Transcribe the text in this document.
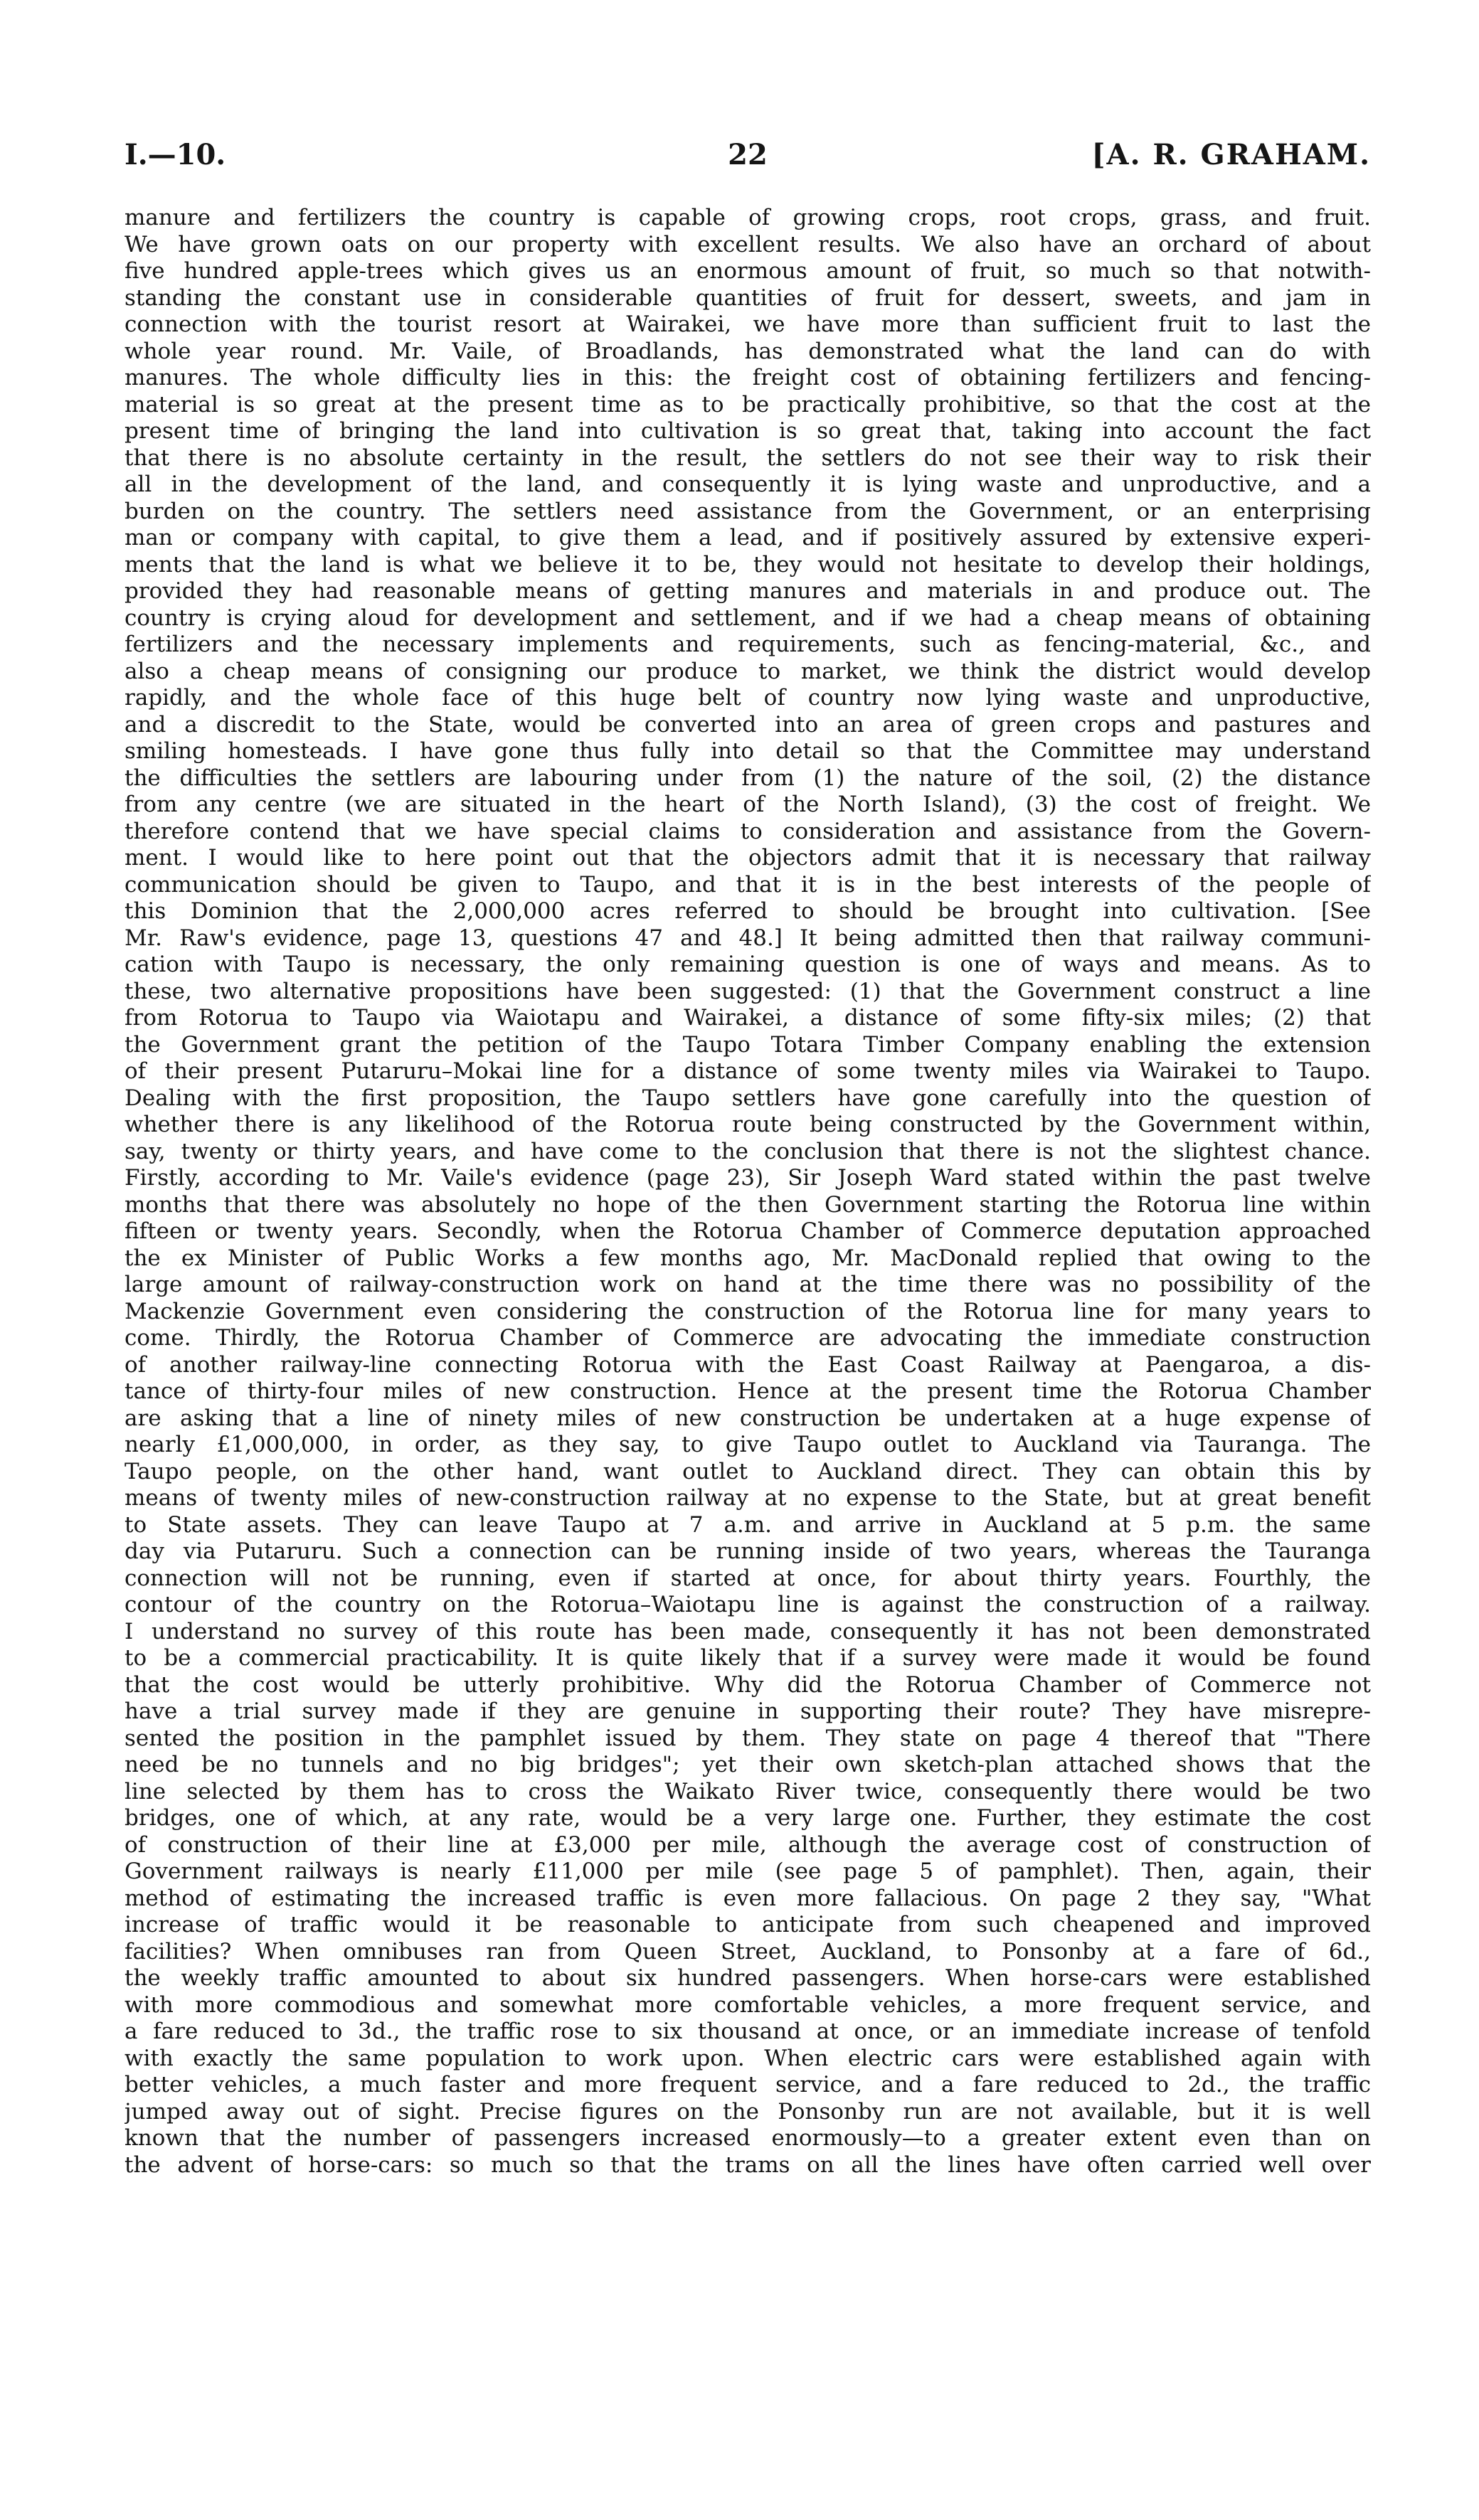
22
I.—10.	[A. R. GRAHAM.
manure and fertilizers the country is capable of growing crops, root crops, grass, and fruit.
We have grown oats on our property with excellent results. We also have an orchard of about
five hundred apple-trees which gives us an enormous amount of fruit, so much so that notwith-
standing the constant use in considerable quantities of fruit for dessert, sweets, and jam in
connection with the tourist resort at Wairakei, we have more than sufficient fruit to last the
whole year round. Mr. Vaile, of Broadlands, has demonstrated what the land can do with
manures. The whole difficulty lies in this: the freight cost of obtaining fertilizers and fencing-
material is so great at the present time as to be practically prohibitive, so that the cost at the
present time of bringing the land into cultivation is so great that, taking into account the fact
that there is no absolute certainty in the result, the settlers do not see their way to risk their
all in the development of the land, and consequently it is lying waste and unproductive, and a
burden on the country. The settlers need assistance from the Government, or an enterprising
man or company with capital, to give them a lead, and if positively assured by extensive experi-
ments that the land is what we believe it to be, they would not hesitate to develop their holdings,
provided they had reasonable means of getting manures and materials in and produce out. The
country is crying aloud for development and settlement, and if we had a cheap means of obtaining
fertilizers and the necessary implements and requirements, such as fencing-material, &c., and
also a cheap means of consigning our produce to market, we think the district would develop
rapidly, and the whole face of this huge belt of country now lying waste and unproductive,
and a discredit to the State, would be converted into an area of green crops and pastures and
smiling homesteads. I have gone thus fully into detail so that the Committee may understand
the difficulties the settlers are labouring under from (1) the nature of the soil, (2) the distance
from any centre (we are situated in the heart of the North Island), (3) the cost of freight. We
therefore contend that we have special claims to consideration and assistance from the Govern-
ment. I would like to here point out that the objectors admit that it is necessary that railway
communication should be given to Taupo, and that it is in the best interests of the people of
this Dominion that the 2,000,000 acres referred to should be brought into cultivation. [See
Mr. Raw's evidence, page 13, questions 47 and 48.] It being admitted then that railway communi-
cation with Taupo is necessary, the only remaining question is one of ways and means. As to
these, two alternative propositions have been suggested: (1) that the Government construct a line
from Rotorua to Taupo via Waiotapu and Wairakei, a distance of some fifty-six miles; (2) that
the Government grant the petition of the Taupo Totara Timber Company enabling the extension
of their present Putaruru–Mokai line for a distance of some twenty miles via Wairakei to Taupo.
Dealing with the first proposition, the Taupo settlers have gone carefully into the question of
whether there is any likelihood of the Rotorua route being constructed by the Government within,
say, twenty or thirty years, and have come to the conclusion that there is not the slightest chance.
Firstly, according to Mr. Vaile's evidence (page 23), Sir Joseph Ward stated within the past twelve
months that there was absolutely no hope of the then Government starting the Rotorua line within
fifteen or twenty years. Secondly, when the Rotorua Chamber of Commerce deputation approached
the ex Minister of Public Works a few months ago, Mr. MacDonald replied that owing to the
large amount of railway-construction work on hand at the time there was no possibility of the
Mackenzie Government even considering the construction of the Rotorua line for many years to
come. Thirdly, the Rotorua Chamber of Commerce are advocating the immediate construction
of another railway-line connecting Rotorua with the East Coast Railway at Paengaroa, a dis-
tance of thirty-four miles of new construction. Hence at the present time the Rotorua Chamber
are asking that a line of ninety miles of new construction be undertaken at a huge expense of
nearly £1,000,000, in order, as they say, to give Taupo outlet to Auckland via Tauranga. The
Taupo people, on the other hand, want outlet to Auckland direct. They can obtain this by
means of twenty miles of new-construction railway at no expense to the State, but at great benefit
to State assets. They can leave Taupo at 7 a.m. and arrive in Auckland at 5 p.m. the same
day via Putaruru. Such a connection can be running inside of two years, whereas the Tauranga
connection will not be running, even if started at once, for about thirty years. Fourthly, the
contour of the country on the Rotorua–Waiotapu line is against the construction of a railway.
I understand no survey of this route has been made, consequently it has not been demonstrated
to be a commercial practicability. It is quite likely that if a survey were made it would be found
that the cost would be utterly prohibitive. Why did the Rotorua Chamber of Commerce not
have a trial survey made if they are genuine in supporting their route? They have misrepre-
sented the position in the pamphlet issued by them. They state on page 4 thereof that "There
need be no tunnels and no big bridges"; yet their own sketch-plan attached shows that the
line selected by them has to cross the Waikato River twice, consequently there would be two
bridges, one of which, at any rate, would be a very large one. Further, they estimate the cost
of construction of their line at £3,000 per mile, although the average cost of construction of
Government railways is nearly £11,000 per mile (see page 5 of pamphlet). Then, again, their
method of estimating the increased traffic is even more fallacious. On page 2 they say, "What
increase of traffic would it be reasonable to anticipate from such cheapened and improved
facilities? When omnibuses ran from Queen Street, Auckland, to Ponsonby at a fare of 6d.,
the weekly traffic amounted to about six hundred passengers. When horse-cars were established
with more commodious and somewhat more comfortable vehicles, a more frequent service, and
a fare reduced to 3d., the traffic rose to six thousand at once, or an immediate increase of tenfold
with exactly the same population to work upon. When electric cars were established again with
better vehicles, a much faster and more frequent service, and a fare reduced to 2d., the traffic
jumped away out of sight. Precise figures on the Ponsonby run are not available, but it is well
known that the number of passengers increased enormously—to a greater extent even than on
the advent of horse-cars: so much so that the trams on all the lines have often carried well over
